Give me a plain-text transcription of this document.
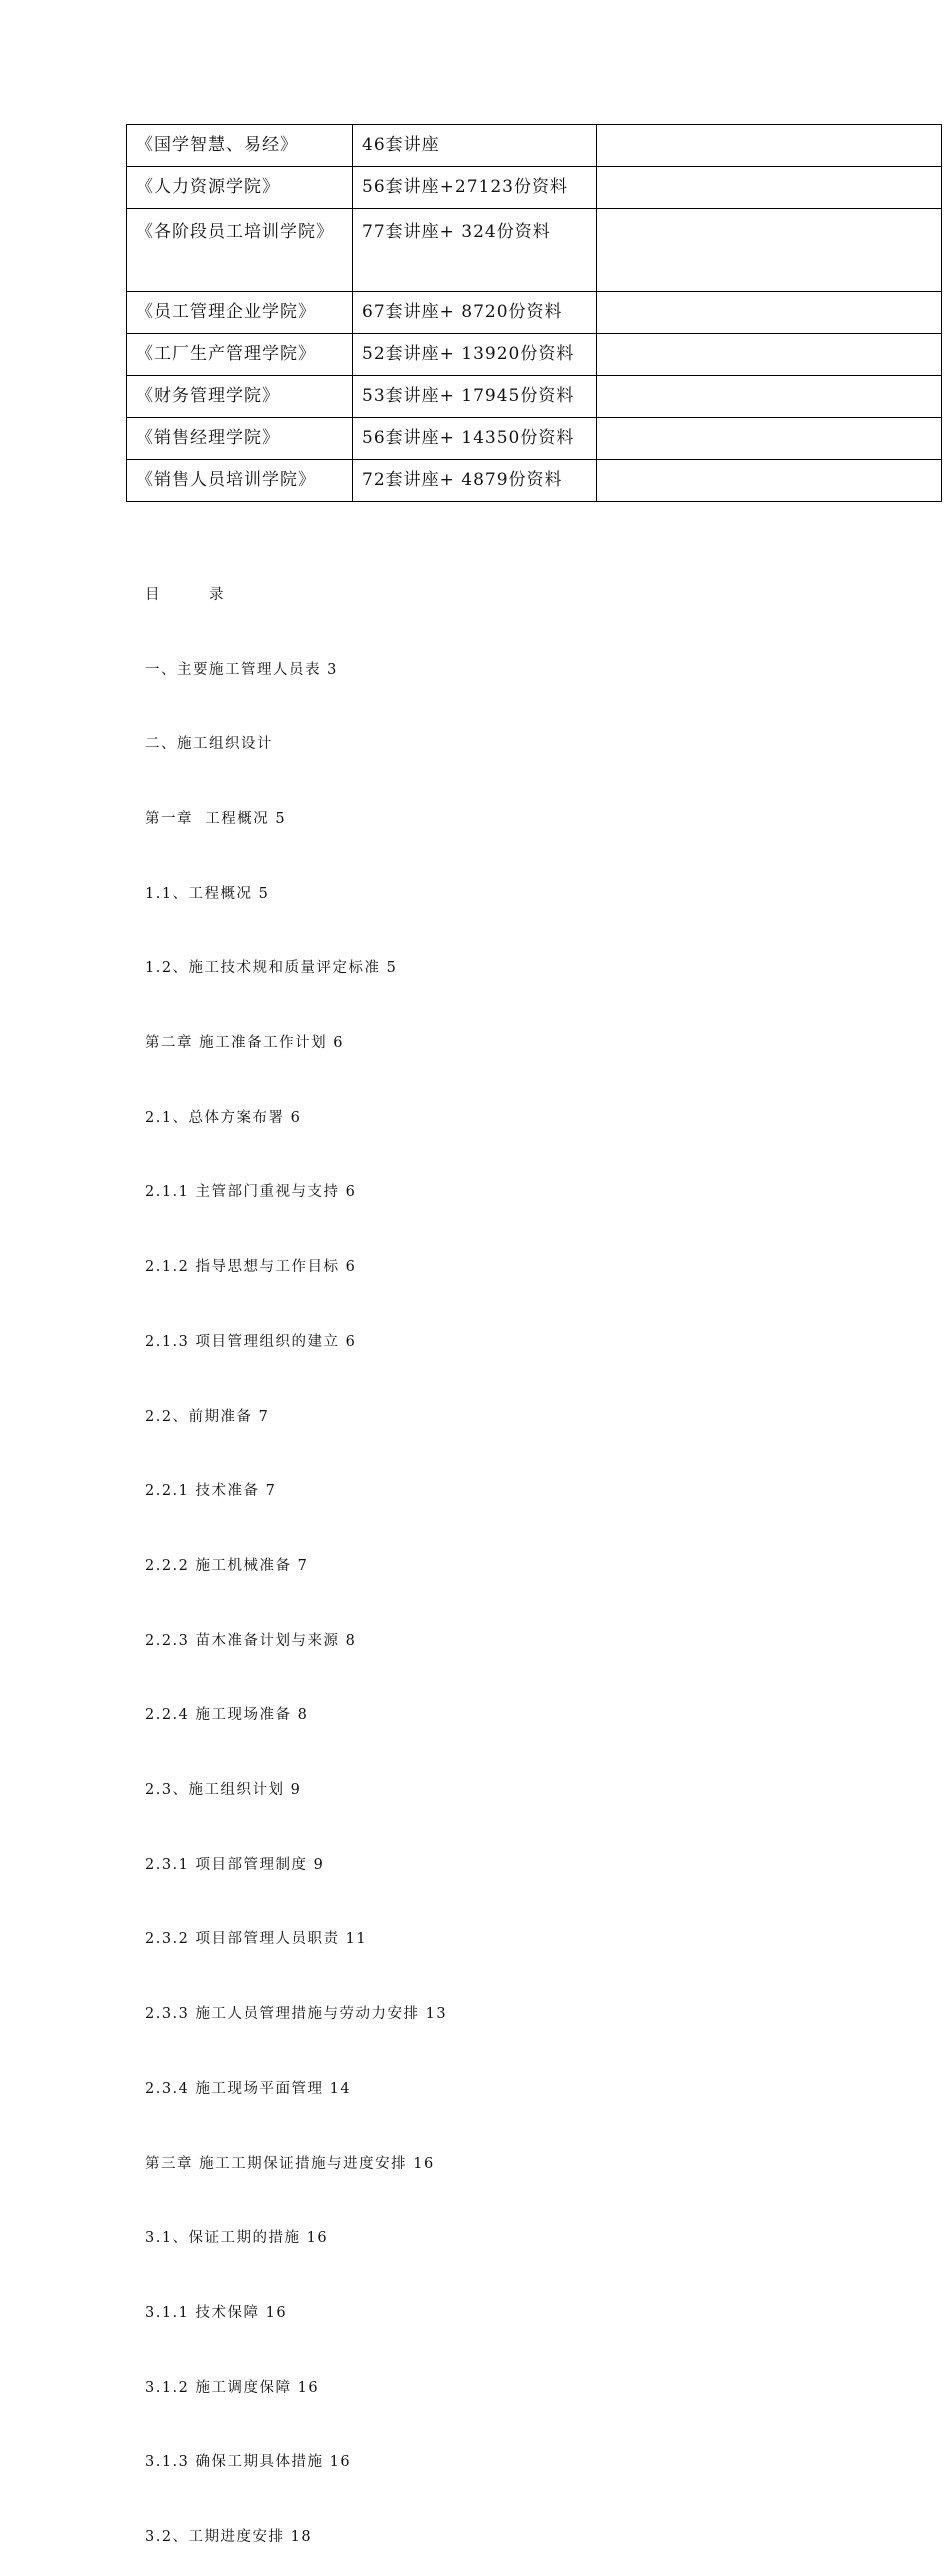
《国学智慧、易经》	46套讲座	
《人力资源学院》	56套讲座+27123份资料	
《各阶段员工培训学院》	77套讲座+ 324份资料	
《员工管理企业学院》	67套讲座+ 8720份资料	
《工厂生产管理学院》	52套讲座+ 13920份资料	
《财务管理学院》	53套讲座+ 17945份资料	
《销售经理学院》	56套讲座+ 14350份资料	
《销售人员培训学院》	72套讲座+ 4879份资料	

目	录

一、主要施工管理人员表 3

二、施工组织设计

第一章  工程概况 5

1.1、工程概况 5

1.2、施工技术规和质量评定标准 5

第二章 施工准备工作计划 6

2.1、总体方案布署 6

2.1.1 主管部门重视与支持 6

2.1.2 指导思想与工作目标 6

2.1.3 项目管理组织的建立 6

2.2、前期准备 7

2.2.1 技术准备 7

2.2.2 施工机械准备 7

2.2.3 苗木准备计划与来源 8

2.2.4 施工现场准备 8

2.3、施工组织计划 9

2.3.1 项目部管理制度 9

2.3.2 项目部管理人员职责 11

2.3.3 施工人员管理措施与劳动力安排 13

2.3.4 施工现场平面管理 14

第三章 施工工期保证措施与进度安排 16

3.1、保证工期的措施 16

3.1.1 技术保障 16

3.1.2 施工调度保障 16

3.1.3 确保工期具体措施 16

3.2、工期进度安排 18
